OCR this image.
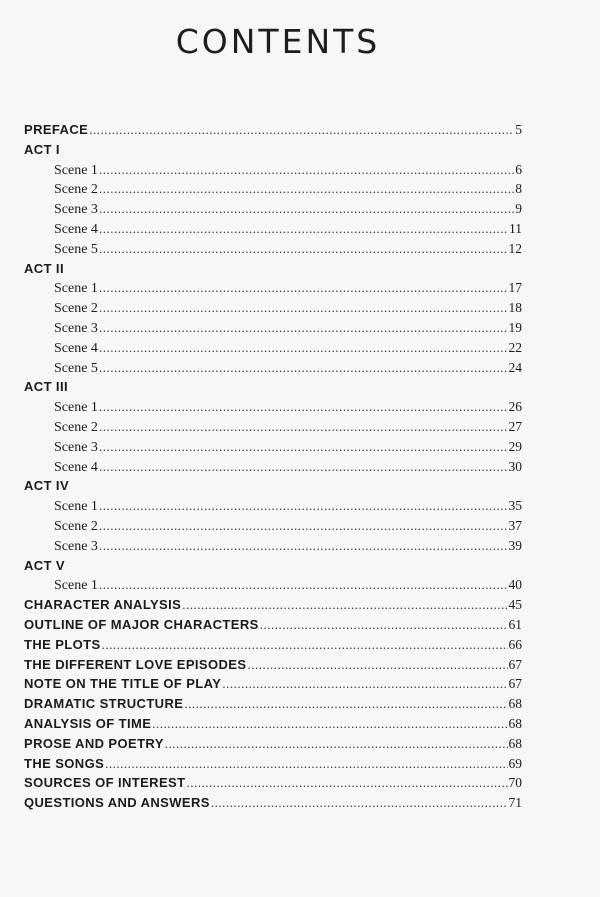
CONTENTS
PREFACE .....	5
ACT I
Scene 1 .....	6
Scene 2 .....	8
Scene 3 .....	9
Scene 4 .....	11
Scene 5 .....	12
ACT II
Scene 1 .....	17
Scene 2 .....	18
Scene 3 .....	19
Scene 4 .....	22
Scene 5 .....	24
ACT III
Scene 1 .....	26
Scene 2 .....	27
Scene 3 .....	29
Scene 4 .....	30
ACT IV
Scene 1 .....	35
Scene 2 .....	37
Scene 3 .....	39
ACT V
Scene 1 .....	40
CHARACTER ANALYSIS .....	45
OUTLINE OF MAJOR CHARACTERS .....	61
THE PLOTS .....	66
THE DIFFERENT LOVE EPISODES .....	67
NOTE ON THE TITLE OF PLAY .....	67
DRAMATIC STRUCTURE .....	68
ANALYSIS OF TIME .....	68
PROSE AND POETRY .....	68
THE SONGS .....	69
SOURCES OF INTEREST .....	70
QUESTIONS AND ANSWERS .....	71
